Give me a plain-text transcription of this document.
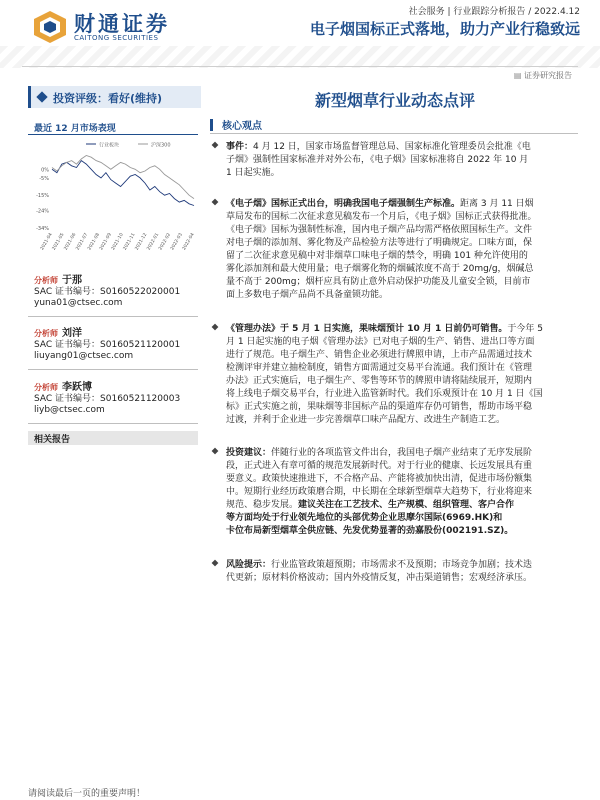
财通证券
CAITONG SECURITIES
社会服务 | 行业跟踪分析报告 / 2022.4.12
电子烟国标正式落地，助力产业行稳致远
▤ 证券研究报告
投资评级：看好(维持)
最近 12 月市场表现
行业板块	沪深300
0%
-5%
-15%
-24%
-34%
2021-04
2021-05
2021-06
2021-07
2021-08
2021-09
2021-10
2021-11
2021-12
2022-01
2022-02
2022-03
2022-04
分析师 于那
SAC 证书编号：S0160522020001
yuna01@ctsec.com
分析师 刘洋
SAC 证书编号：S0160521120001
liuyang01@ctsec.com
分析师 李跃博
SAC 证书编号：S0160521120003
liyb@ctsec.com
相关报告
新型烟草行业动态点评
核心观点
事件：4 月 12 日，国家市场监督管理总局、国家标准化管理委员会批准《电
子烟》强制性国家标准并对外公布，《电子烟》国家标准将自 2022 年 10 月
1 日起实施。
《电子烟》国标正式出台，明确我国电子烟强制生产标准。距离 3 月 11 日烟
草局发布的国标二次征求意见稿发布一个月后，《电子烟》国标正式获得批准。
《电子烟》国标为强制性标准，国内电子烟产品均需严格依照国标生产。文件
对电子烟的添加剂、雾化物及产品检验方法等进行了明确规定。口味方面，保
留了二次征求意见稿中对非烟草口味电子烟的禁令，明确 101 种允许使用的
雾化添加剂和最大使用量；电子烟雾化物的烟碱浓度不高于 20mg/g，烟碱总
量不高于 200mg；烟杆应具有防止意外启动保护功能及儿童安全锁，目前市
面上多数电子烟产品尚不具备童锁功能。
《管理办法》于 5 月 1 日实施，果味烟预计 10 月 1 日前仍可销售。于今年 5
月 1 日起实施的电子烟《管理办法》已对电子烟的生产、销售、进出口等方面
进行了规范。电子烟生产、销售企业必须进行牌照申请，上市产品需通过技术
检测评审并建立抽检制度，销售方面需通过交易平台流通。我们预计在《管理
办法》正式实施后，电子烟生产、零售等环节的牌照申请将陆续展开，短期内
将上线电子烟交易平台，行业进入监管新时代。我们乐观预计在 10 月 1 日《国
标》正式实施之前，果味烟等非国标产品的渠道库存仍可销售，帮助市场平稳
过渡，并利于企业进一步完善烟草口味产品配方、改进生产制造工艺。
投资建议：伴随行业的各项监管文件出台，我国电子烟产业结束了无序发展阶
段，正式进入有章可循的规范发展新时代。对于行业的健康、长远发展具有重
要意义。政策快速推进下，不合格产品、产能将被加快出清，促进市场份额集
中。短期行业经历政策磨合期，中长期在全球新型烟草大趋势下，行业将迎来
规范、稳步发展。建议关注在工艺技术、生产规模、组织管理、客户合作
等方面均处于行业领先地位的头部优势企业思摩尔国际(6969.HK)和
卡位布局新型烟草全供应链、先发优势显著的劲嘉股份(002191.SZ)。
风险提示：行业监管政策超预期；市场需求不及预期；市场竞争加剧；技术迭
代更新；原材料价格波动；国内外疫情反复，冲击渠道销售；宏观经济承压。
请阅读最后一页的重要声明！
